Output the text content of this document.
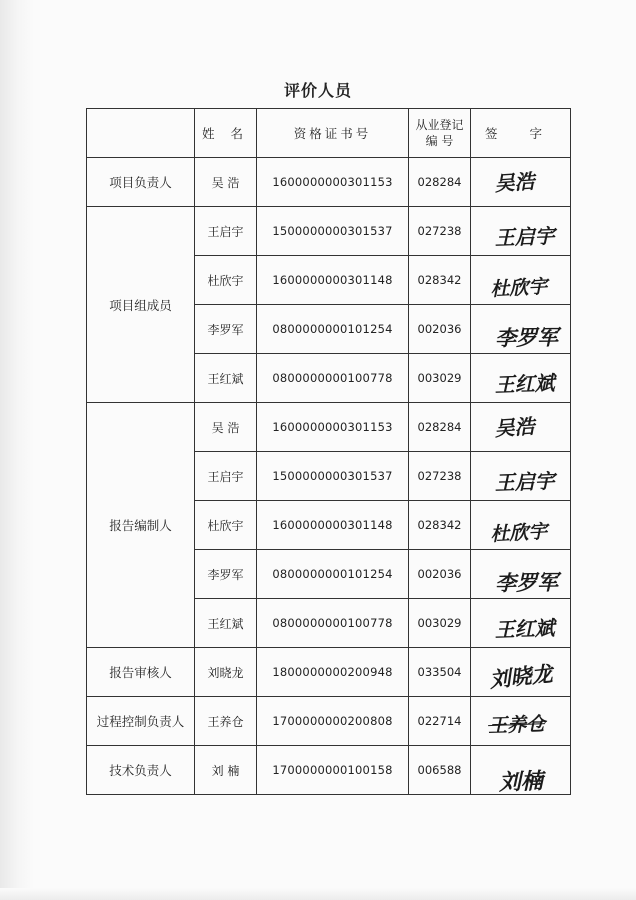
评价人员
	姓 名	资格证书号	从业登记
编 号	签 字
项目负责人	吴 浩	1600000000301153	028284	吴浩

项目组成员	王启宇	1500000000301537	027238	王启宇

	杜欣宇	1600000000301148	028342	杜欣宇

	李罗军	0800000000101254	002036	李罗军

	王红斌	0800000000100778	003029	王红斌

报告编制人	吴 浩	1600000000301153	028284	吴浩

	王启宇	1500000000301537	027238	王启宇

	杜欣宇	1600000000301148	028342	杜欣宇

	李罗军	0800000000101254	002036	李罗军

	王红斌	0800000000100778	003029	王红斌

报告审核人	刘晓龙	1800000000200948	033504	刘晓龙

过程控制负责人	王养仓	1700000000200808	022714	王养仓

技术负责人	刘 楠	1700000000100158	006588	刘楠
